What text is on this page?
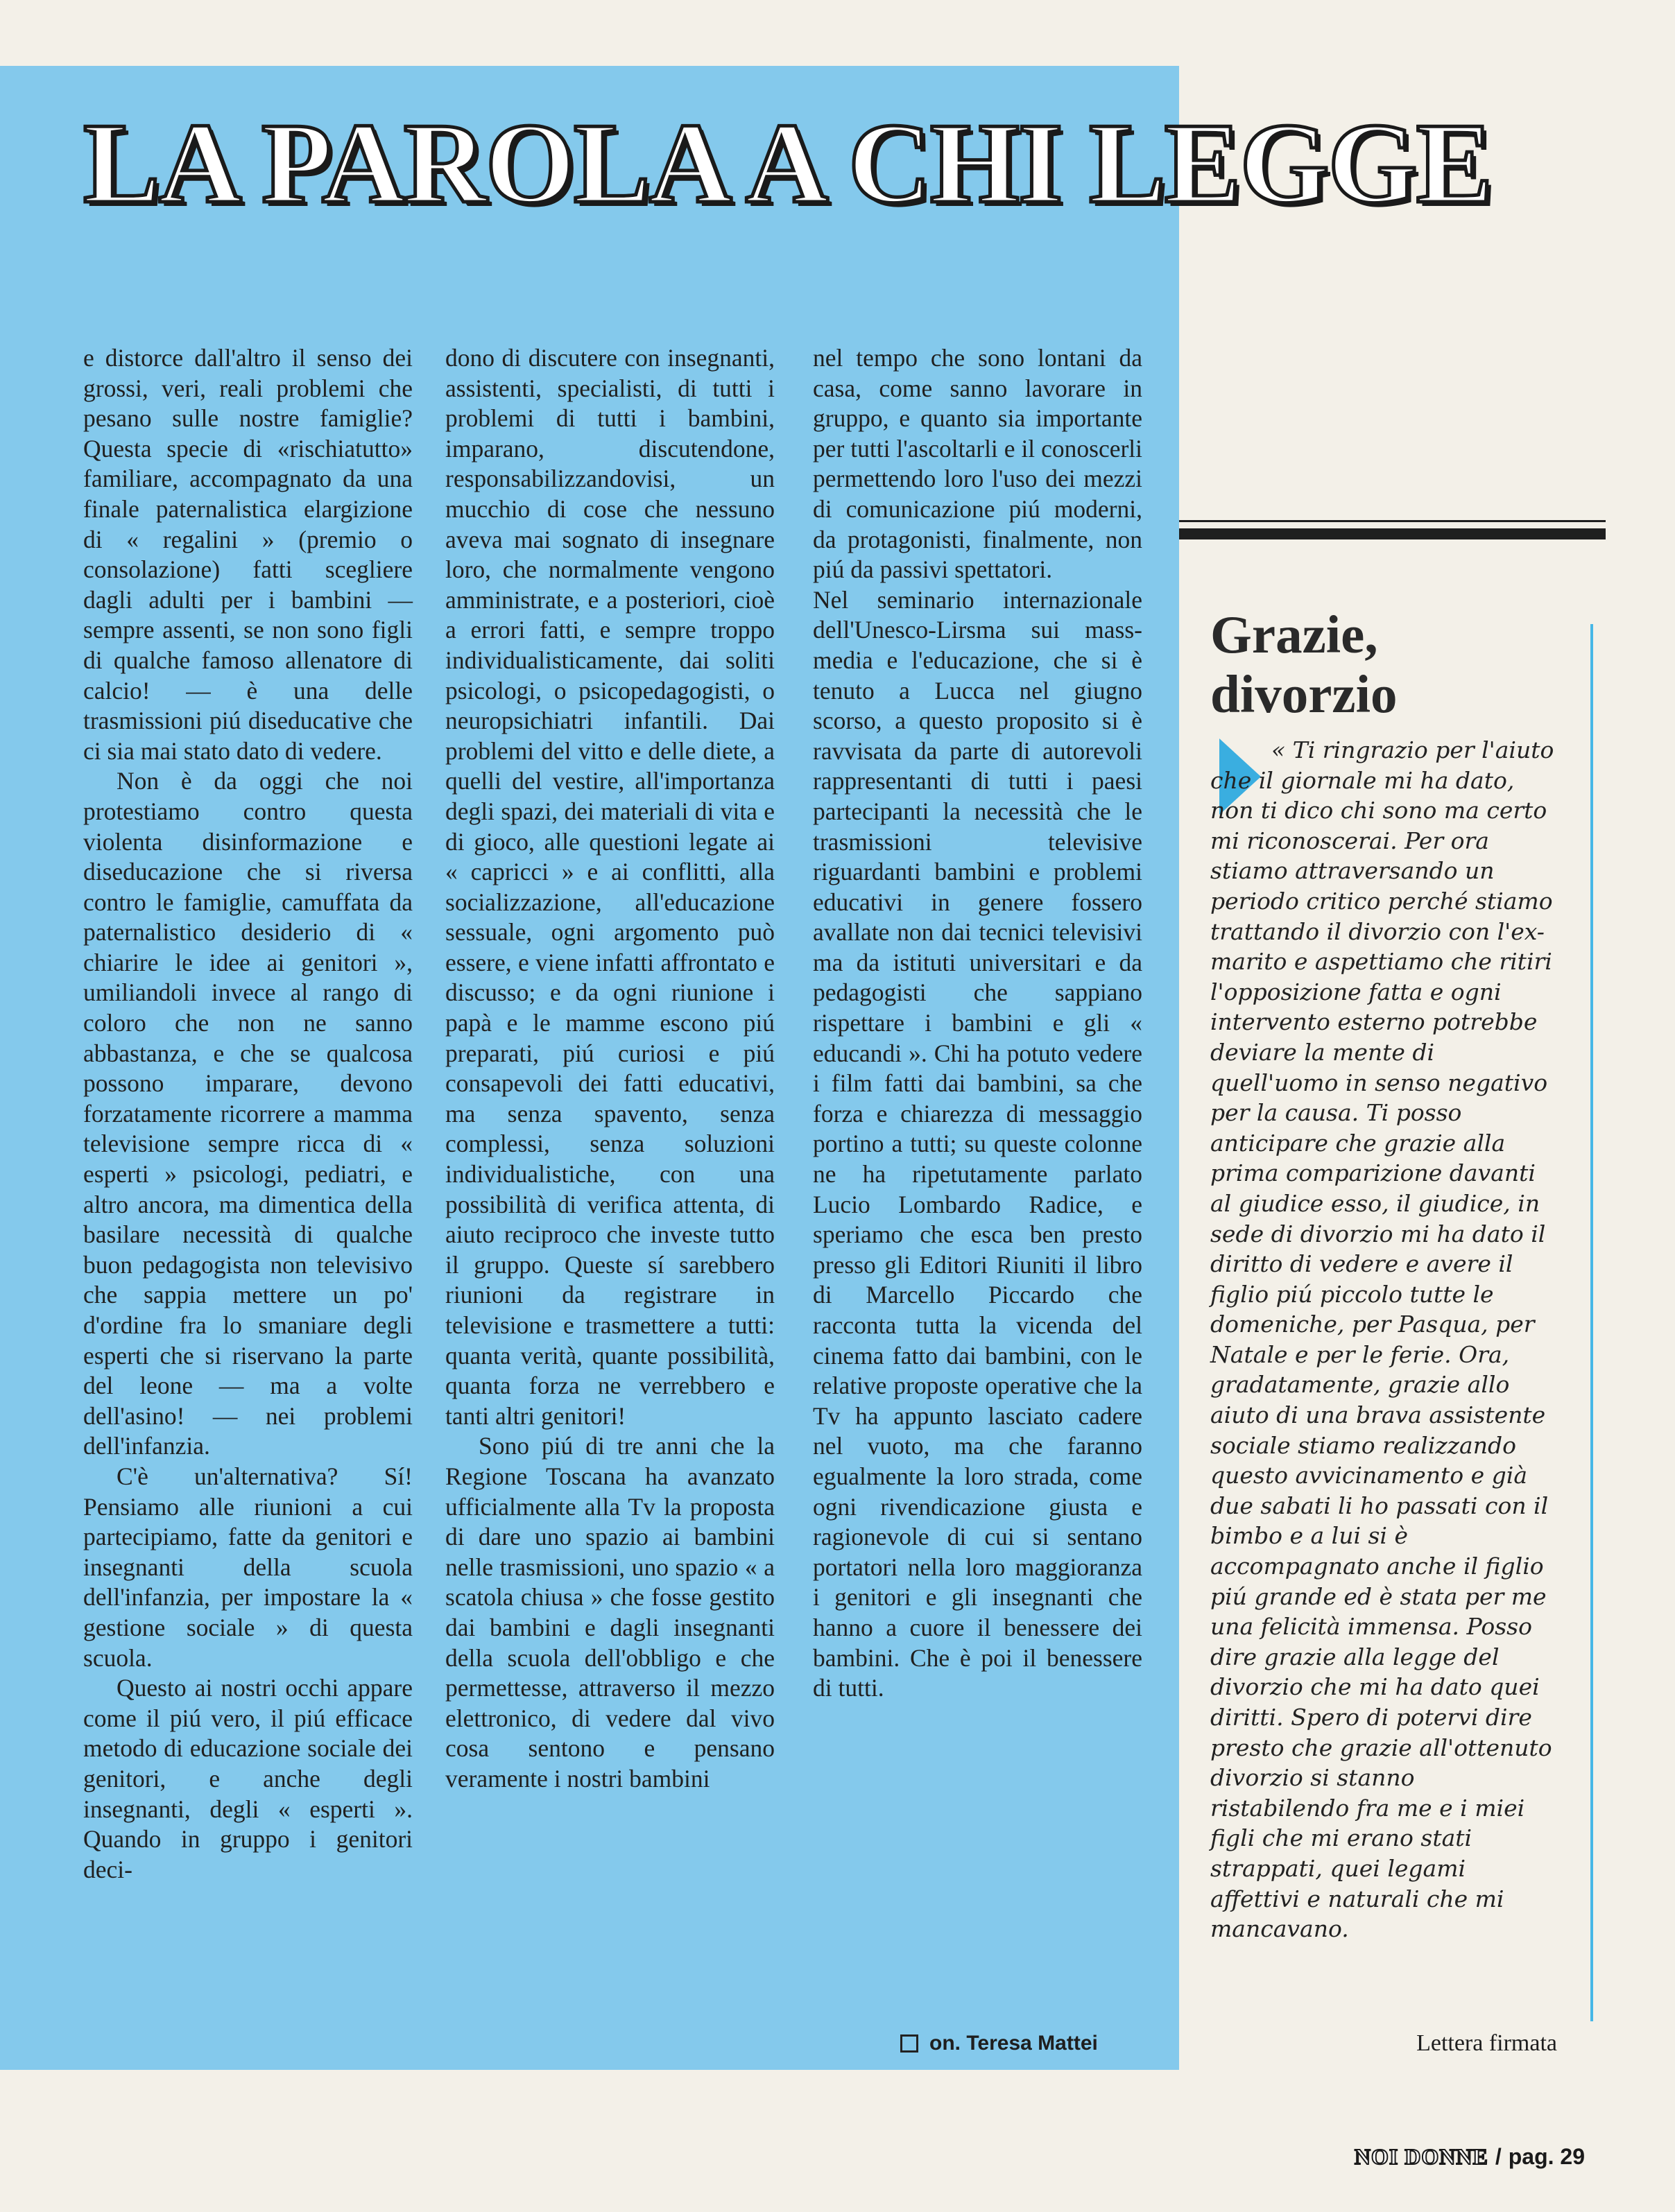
LA PAROLA A CHI LEGGE

e distorce dall'altro il senso dei grossi, veri, reali problemi che pesano sulle nostre famiglie? Questa specie di «rischiatutto» familiare, accompagnato da una finale paternalistica elargizione di « regalini » (premio o consolazione) fatti scegliere dagli adulti per i bambini — sempre assenti, se non sono figli di qualche famoso allenatore di calcio! — è una delle trasmissioni piú diseducative che ci sia mai stato dato di vedere.

Non è da oggi che noi protestiamo contro questa violenta disinformazione e diseducazione che si riversa contro le famiglie, camuffata da paternalistico desiderio di « chiarire le idee ai genitori », umiliandoli invece al rango di coloro che non ne sanno abbastanza, e che se qualcosa possono imparare, devono forzatamente ricorrere a mamma televisione sempre ricca di « esperti » psicologi, pediatri, e altro ancora, ma dimentica della basilare necessità di qualche buon pedagogista non televisivo che sappia mettere un po' d'ordine fra lo smaniare degli esperti che si riservano la parte del leone — ma a volte dell'asino! — nei problemi dell'infanzia.

C'è un'alternativa? Sí! Pensiamo alle riunioni a cui partecipiamo, fatte da genitori e insegnanti della scuola dell'infanzia, per impostare la « gestione sociale » di questa scuola.

Questo ai nostri occhi appare come il piú vero, il piú efficace metodo di educazione sociale dei genitori, e anche degli insegnanti, degli « esperti ». Quando in gruppo i genitori deci-

dono di discutere con insegnanti, assistenti, specialisti, di tutti i problemi di tutti i bambini, imparano, discutendone, responsabilizzandovisi, un mucchio di cose che nessuno aveva mai sognato di insegnare loro, che normalmente vengono amministrate, e a posteriori, cioè a errori fatti, e sempre troppo individualisticamente, dai soliti psicologi, o psicopedagogisti, o neuropsichiatri infantili. Dai problemi del vitto e delle diete, a quelli del vestire, all'importanza degli spazi, dei materiali di vita e di gioco, alle questioni legate ai « capricci » e ai conflitti, alla socializzazione, all'educazione sessuale, ogni argomento può essere, e viene infatti affrontato e discusso; e da ogni riunione i papà e le mamme escono piú preparati, piú curiosi e piú consapevoli dei fatti educativi, ma senza spavento, senza complessi, senza soluzioni individualistiche, con una possibilità di verifica attenta, di aiuto reciproco che investe tutto il gruppo. Queste sí sarebbero riunioni da registrare in televisione e trasmettere a tutti: quanta verità, quante possibilità, quanta forza ne verrebbero e tanti altri genitori!

Sono piú di tre anni che la Regione Toscana ha avanzato ufficialmente alla Tv la proposta di dare uno spazio ai bambini nelle trasmissioni, uno spazio « a scatola chiusa » che fosse gestito dai bambini e dagli insegnanti della scuola dell'obbligo e che permettesse, attraverso il mezzo elettronico, di vedere dal vivo cosa sentono e pensano veramente i nostri bambini

nel tempo che sono lontani da casa, come sanno lavorare in gruppo, e quanto sia importante per tutti l'ascoltarli e il conoscerli permettendo loro l'uso dei mezzi di comunicazione piú moderni, da protagonisti, finalmente, non piú da passivi spettatori.

Nel seminario internazionale dell'Unesco-Lirsma sui mass-media e l'educazione, che si è tenuto a Lucca nel giugno scorso, a questo proposito si è ravvisata da parte di autorevoli rappresentanti di tutti i paesi partecipanti la necessità che le trasmissioni televisive riguardanti bambini e problemi educativi in genere fossero avallate non dai tecnici televisivi ma da istituti universitari e da pedagogisti che sappiano rispettare i bambini e gli « educandi ». Chi ha potuto vedere i film fatti dai bambini, sa che forza e chiarezza di messaggio portino a tutti; su queste colonne ne ha ripetutamente parlato Lucio Lombardo Radice, e speriamo che esca ben presto presso gli Editori Riuniti il libro di Marcello Piccardo che racconta tutta la vicenda del cinema fatto dai bambini, con le relative proposte operative che la Tv ha appunto lasciato cadere nel vuoto, ma che faranno egualmente la loro strada, come ogni rivendicazione giusta e ragionevole di cui si sentano portatori nella loro maggioranza i genitori e gli insegnanti che hanno a cuore il benessere dei bambini. Che è poi il benessere di tutti.

on. Teresa Mattei
Grazie, divorzio

« Ti ringrazio per l'aiuto che il giornale mi ha dato, non ti dico chi sono ma certo mi riconoscerai. Per ora stiamo attraversando un periodo critico perché stiamo trattando il divorzio con l'ex-marito e aspettiamo che ritiri l'opposizione fatta e ogni intervento esterno potrebbe deviare la mente di quell'uomo in senso negativo per la causa. Ti posso anticipare che grazie alla prima comparizione davanti al giudice esso, il giudice, in sede di divorzio mi ha dato il diritto di vedere e avere il figlio piú piccolo tutte le domeniche, per Pasqua, per Natale e per le ferie. Ora, gradatamente, grazie allo aiuto di una brava assistente sociale stiamo realizzando questo avvicinamento e già due sabati li ho passati con il bimbo e a lui si è accompagnato anche il figlio piú grande ed è stata per me una felicità immensa. Posso dire grazie alla legge del divorzio che mi ha dato quei diritti. Spero di potervi dire presto che grazie all'ottenuto divorzio si stanno ristabilendo fra me e i miei figli che mi erano stati strappati, quei legami affettivi e naturali che mi mancavano.

Lettera firmata
NOI DONNE / pag. 29
